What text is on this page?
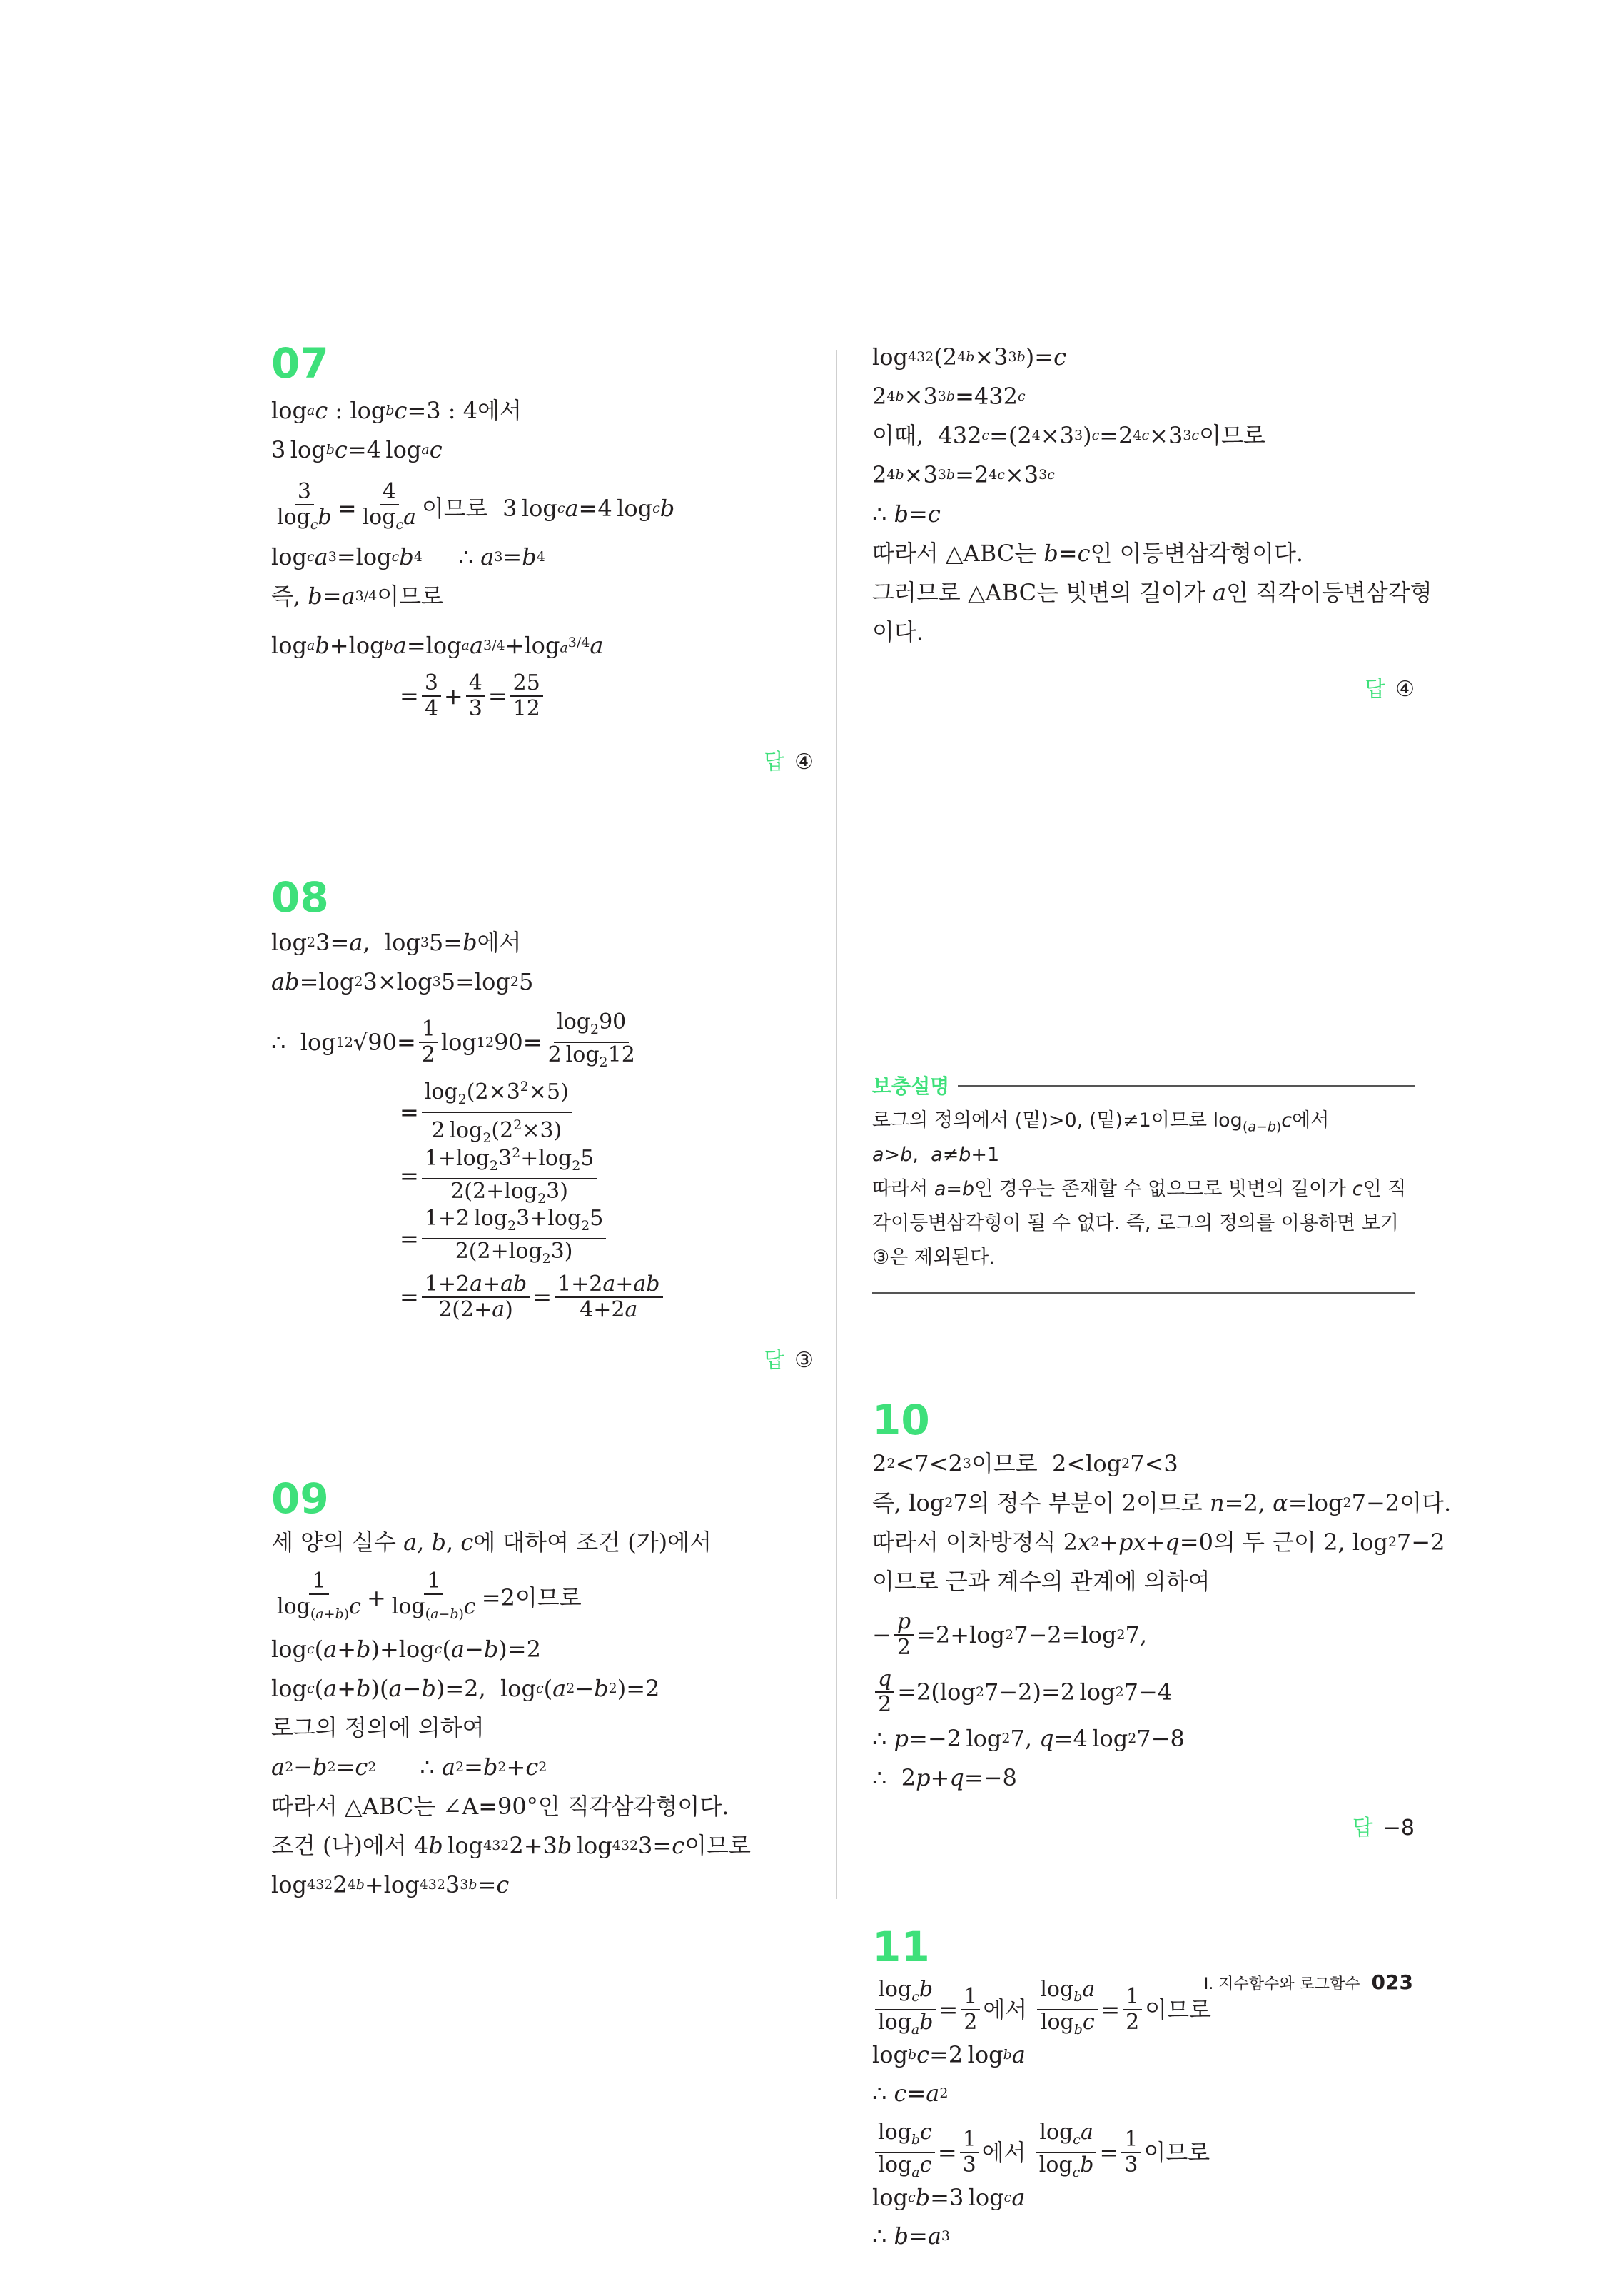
07
log a c : log b c =3 : 4 에서
3 log b c =4 log a c
$\frac{3}{\log_cb} = \frac{4}{\log_ca}$ 이므로 3 log c a =4 log c b
log c a 3 =log c b 4
∴
a 3 = b 4
즉,
b = a 3/4 이므로
log a b +log b a =log a a 3/4 +log $a^{3/4}$ a
= $\frac{3}{4} + \frac{4}{3} = \frac{25}{12}$
답 ④
08
log 2 3= a ,  log 3 5= b 에서
ab =log 2 3×log 3 5=log 2 5
∴  log 12 $√90= \frac{1}{2}$ log 12 $90= \frac{\log_290}{2 \log_212}$
= $\frac{\log_2(2\times 3^2\times 5)}{2 \log_2(2^2\times 3)}$
= $\frac{1+\log_23^2+\log_25}{2(2+\log_23)}$
= $\frac{1+2 \log_23+\log_25}{2(2+\log_23)}$
= $\frac{1+2a+ab}{2(2+a)} = \frac{1+2a+ab}{4+2a}$
답 ③
09
세 양의 실수
a , b , c 에 대하여 조건
(가) 에서
$\frac{1}{\log_{(a+b)}c} + \frac{1}{\log_{(a-b)}c} =2$ 이므로
log c ( a + b )+log c ( a − b )=2
log c ( a + b )( a − b )=2,  log c ( a 2 − b 2 )=2
로그의 정의에 의하여
a 2 − b 2 = c 2 ∴ a 2 = b 2 + c 2
따라서 △ABC는 ∠A=90°인 직각삼각형이다.
조건
(나) 에서 4 b  log 432 2+3 b  log 432 3= c 이므로
log 432 2 4b +log 432 3 3b = c
log 432 (2 4b ×3 3b )= c
2 4b ×3 3b =432 c
이때, 432 c =(2 4 ×3 3 ) c =2 4c ×3 3c 이므로
2 4b ×3 3b =2 4c ×3 3c
∴ b = c
따라서 △ABC는
b = c 인 이등변삼각형이다.
그러므로 △ABC는 빗변의 길이가
a 인 직각이등변삼각형
이다.
답 ④
보충설명
로그의 정의에서 (밑)>0, (밑)≠1이므로 $\log_{(a-b)}c$에서
a>b,  a≠b+1
따라서 a=b인 경우는 존재할 수 없으므로 빗변의 길이가 c인 직
각이등변삼각형이 될 수 없다. 즉, 로그의 정의를 이용하면 보기
③은 제외된다.
10
2 2 <7<2 3 이므로 2<log 2 7<3
즉, log 2 7 의 정수 부분이 2이므로
n =2, α =log 2 7−2 이다.
따라서 이차방정식 2 x 2 + px + q =0 의 두 근이 2, log 2 7−2
이므로 근과 계수의 관계에 의하여
− $\frac{p}{2} =2+\log$ 2 7−2=log 2 7,
$\frac{q}{2} =2(\log$ 2 7−2)=2 log 2 7−4
∴ p =−2 log 2 7, q =4 log 2 7−8
∴  2 p + q =−8
답 −8
11
$\frac{\log_cb}{\log_ab} = \frac{1}{2}$ 에서
$\frac{\log_ba}{\log_bc} = \frac{1}{2}$ 이므로
log b c =2 log b a
∴ c = a 2
$\frac{\log_bc}{\log_ac} = \frac{1}{3}$ 에서
$\frac{\log_ca}{\log_cb} = \frac{1}{3}$ 이므로
log c b =3 log c a
∴ b = a 3
Ⅰ. 지수함수와 로그함수 023
